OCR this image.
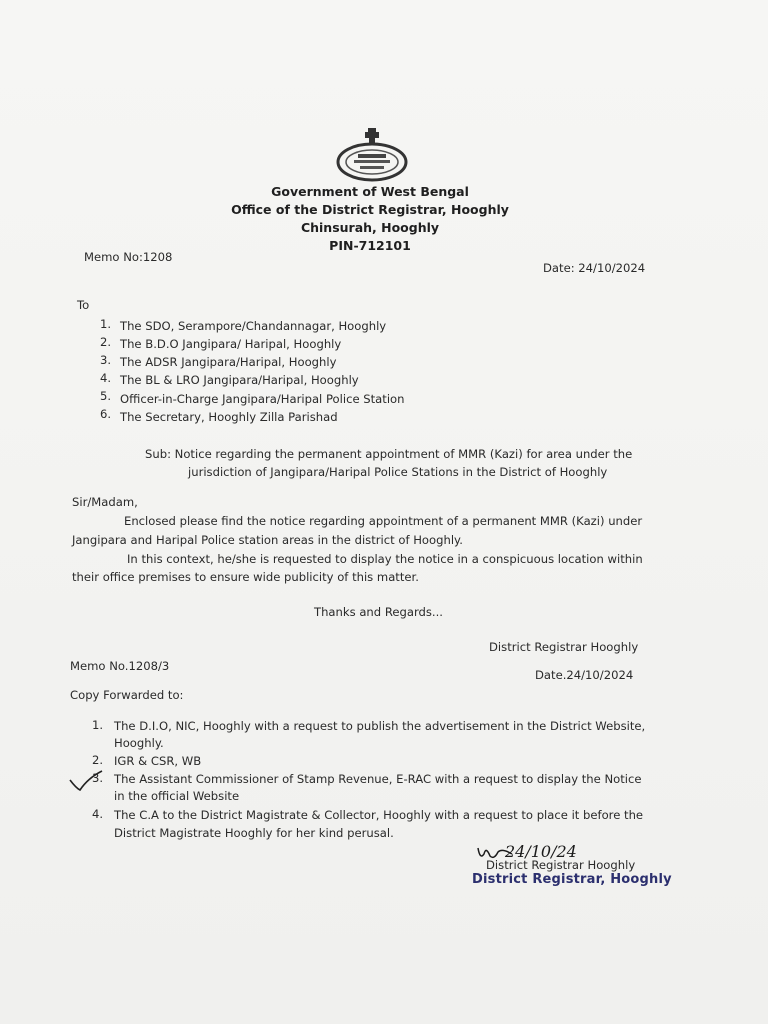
Government of West Bengal
Office of the District Registrar, Hooghly
Chinsurah, Hooghly
PIN-712101
Memo No:1208
Date: 24/10/2024
To
1. The SDO, Serampore/Chandannagar, Hooghly
2. The B.D.O Jangipara/ Haripal, Hooghly
3. The ADSR Jangipara/Haripal, Hooghly
4. The BL & LRO Jangipara/Haripal, Hooghly
5. Officer-in-Charge Jangipara/Haripal Police Station
6. The Secretary, Hooghly Zilla Parishad
Sub: Notice regarding the permanent appointment of MMR (Kazi) for area under the
jurisdiction of Jangipara/Haripal Police Stations in the District of Hooghly
Sir/Madam,
Enclosed please find the notice regarding appointment of a permanent MMR (Kazi) under
Jangipara and Haripal Police station areas in the district of Hooghly.
In this context, he/she is requested to display the notice in a conspicuous location within
their office premises to ensure wide publicity of this matter.
Thanks and Regards...
District Registrar Hooghly
Memo No.1208/3
Date.24/10/2024
Copy Forwarded to:
1. The D.I.O, NIC, Hooghly with a request to publish the advertisement in the District Website,
Hooghly.
2. IGR & CSR, WB
3. The Assistant Commissioner of Stamp Revenue, E-RAC with a request to display the Notice
in the official Website
4. The C.A to the District Magistrate & Collector, Hooghly with a request to place it before the
District Magistrate Hooghly for her kind perusal.
24/10/24
District Registrar Hooghly
District Registrar, Hooghly
